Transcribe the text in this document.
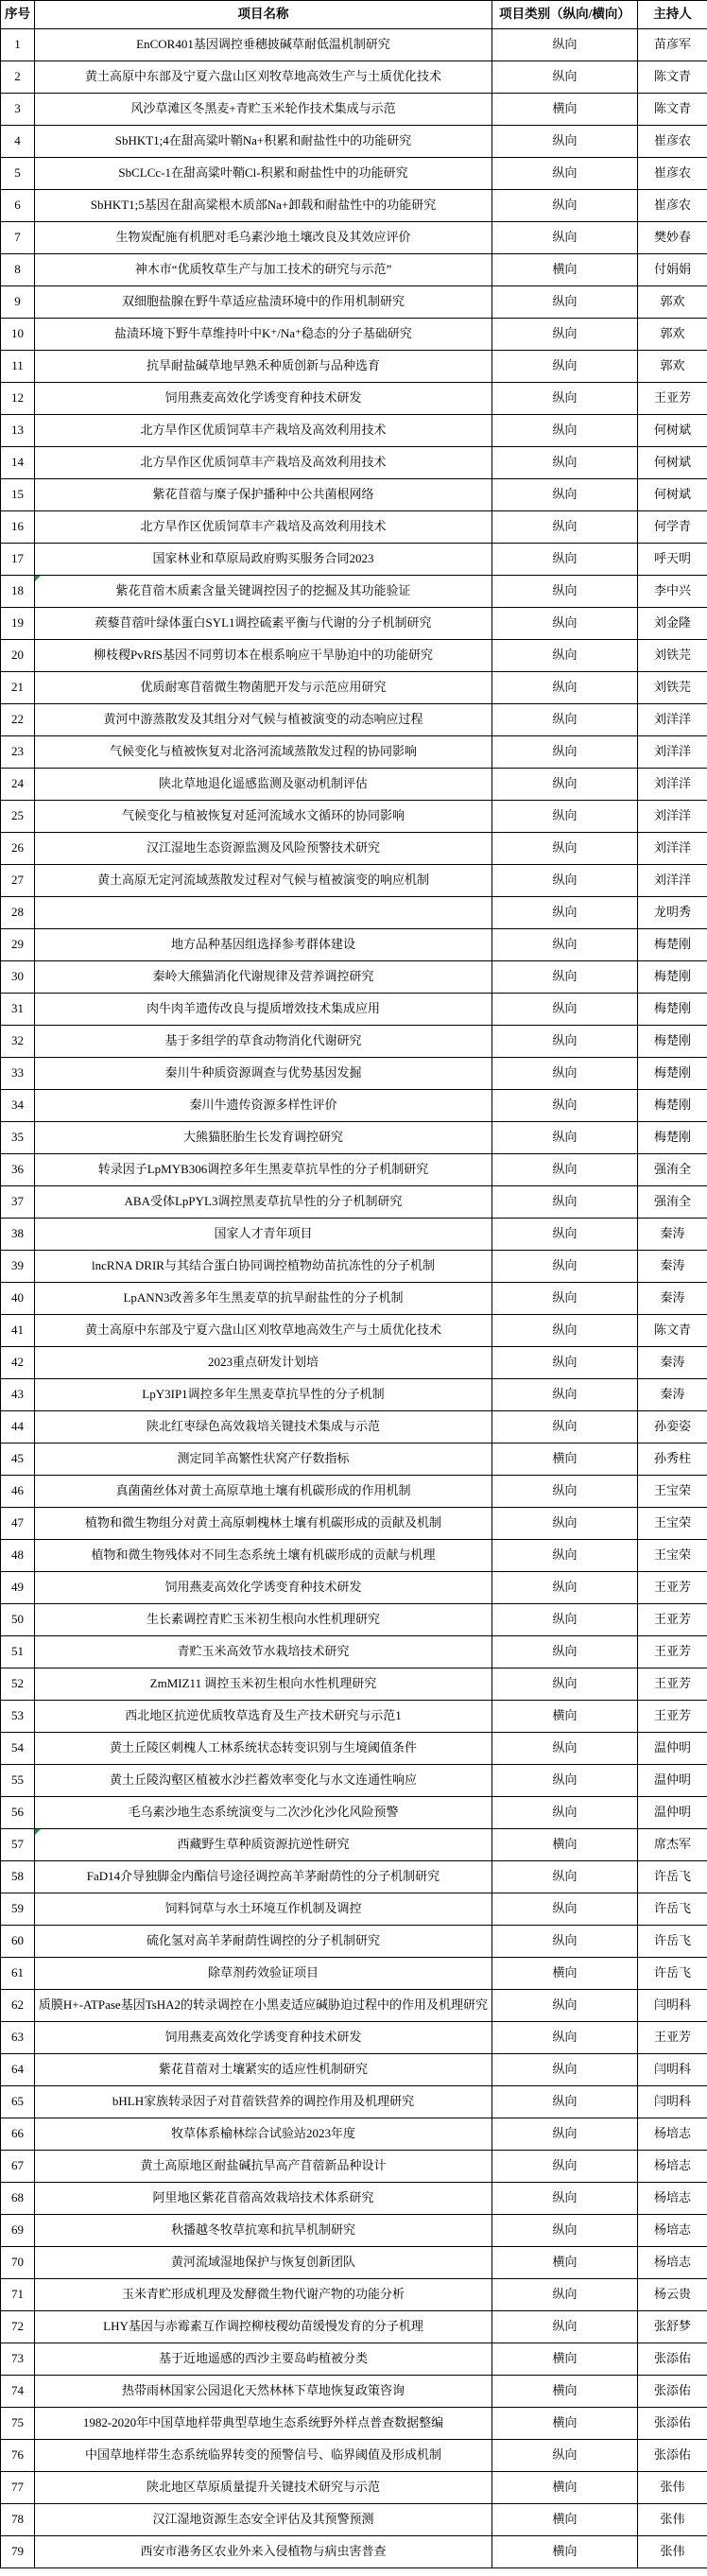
序号	项目名称	项目类别（纵向/横向）	主持人
1	EnCOR401基因调控垂穗披碱草耐低温机制研究	纵向	苗彦军
2	黄土高原中东部及宁夏六盘山区刈牧草地高效生产与土质优化技术	纵向	陈文青
3	风沙草滩区冬黑麦+青贮玉米轮作技术集成与示范	横向	陈文青
4	SbHKT1;4在甜高粱叶鞘Na+积累和耐盐性中的功能研究	纵向	崔彦农
5	SbCLCc-1在甜高粱叶鞘Cl-积累和耐盐性中的功能研究	纵向	崔彦农
6	SbHKT1;5基因在甜高粱根木质部Na+卸载和耐盐性中的功能研究	纵向	崔彦农
7	生物炭配施有机肥对毛乌素沙地土壤改良及其效应评价	纵向	樊妙春
8	神木市“优质牧草生产与加工技术的研究与示范”	横向	付娟娟
9	双细胞盐腺在野牛草适应盐渍环境中的作用机制研究	纵向	郭欢
10	盐渍环境下野牛草维持叶中K⁺/Na⁺稳态的分子基础研究	纵向	郭欢
11	抗旱耐盐碱草地早熟禾种质创新与品种选育	纵向	郭欢
12	饲用燕麦高效化学诱变育种技术研发	纵向	王亚芳
13	北方旱作区优质饲草丰产栽培及高效利用技术	纵向	何树斌
14	北方旱作区优质饲草丰产栽培及高效利用技术	纵向	何树斌
15	紫花苜蓿与糜子保护播种中公共菌根网络	纵向	何树斌
16	北方旱作区优质饲草丰产栽培及高效利用技术	纵向	何学青
17	国家林业和草原局政府购买服务合同2023	纵向	呼天明
18	紫花苜蓿木质素含量关键调控因子的挖掘及其功能验证	纵向	李中兴
19	蒺藜苜蓿叶绿体蛋白SYL1调控硫素平衡与代谢的分子机制研究	纵向	刘金隆
20	柳枝稷PvRfS基因不同剪切本在根系响应干旱胁迫中的功能研究	纵向	刘铁芫
21	优质耐寒苜蓿微生物菌肥开发与示范应用研究	纵向	刘铁芫
22	黄河中游蒸散发及其组分对气候与植被演变的动态响应过程	纵向	刘洋洋
23	气候变化与植被恢复对北洛河流域蒸散发过程的协同影响	纵向	刘洋洋
24	陕北草地退化遥感监测及驱动机制评估	纵向	刘洋洋
25	气候变化与植被恢复对延河流域水文循环的协同影响	纵向	刘洋洋
26	汉江湿地生态资源监测及风险预警技术研究	纵向	刘洋洋
27	黄土高原无定河流域蒸散发过程对气候与植被演变的响应机制	纵向	刘洋洋
28		纵向	龙明秀
29	地方品种基因组选择参考群体建设	纵向	梅楚刚
30	秦岭大熊猫消化代谢规律及营养调控研究	纵向	梅楚刚
31	肉牛肉羊遗传改良与提质增效技术集成应用	纵向	梅楚刚
32	基于多组学的草食动物消化代谢研究	纵向	梅楚刚
33	秦川牛种质资源调查与优势基因发掘	纵向	梅楚刚
34	秦川牛遗传资源多样性评价	纵向	梅楚刚
35	大熊猫胚胎生长发育调控研究	纵向	梅楚刚
36	转录因子LpMYB306调控多年生黑麦草抗旱性的分子机制研究	纵向	强洧全
37	ABA受体LpPYL3调控黑麦草抗旱性的分子机制研究	纵向	强洧全
38	国家人才青年项目	纵向	秦涛
39	lncRNA DRIR与其结合蛋白协同调控植物幼苗抗冻性的分子机制	纵向	秦涛
40	LpANN3改善多年生黑麦草的抗旱耐盐性的分子机制	纵向	秦涛
41	黄土高原中东部及宁夏六盘山区刈牧草地高效生产与土质优化技术	纵向	陈文青
42	2023重点研发计划培	纵向	秦涛
43	LpY3IP1调控多年生黑麦草抗旱性的分子机制	纵向	秦涛
44	陕北红枣绿色高效栽培关键技术集成与示范	纵向	孙娈姿
45	测定同羊高繁性状窝产仔数指标	横向	孙秀柱
46	真菌菌丝体对黄土高原草地土壤有机碳形成的作用机制	纵向	王宝荣
47	植物和微生物组分对黄土高原刺槐林土壤有机碳形成的贡献及机制	纵向	王宝荣
48	植物和微生物残体对不同生态系统土壤有机碳形成的贡献与机理	纵向	王宝荣
49	饲用燕麦高效化学诱变育种技术研发	纵向	王亚芳
50	生长素调控青贮玉米初生根向水性机理研究	纵向	王亚芳
51	青贮玉米高效节水栽培技术研究	纵向	王亚芳
52	ZmMIZ11 调控玉米初生根向水性机理研究	纵向	王亚芳
53	西北地区抗逆优质牧草选育及生产技术研究与示范1	横向	王亚芳
54	黄土丘陵区刺槐人工林系统状态转变识别与生境阈值条件	纵向	温仲明
55	黄土丘陵沟壑区植被水沙拦蓄效率变化与水文连通性响应	纵向	温仲明
56	毛乌素沙地生态系统演变与二次沙化沙化风险预警	纵向	温仲明
57	西藏野生草种质资源抗逆性研究	横向	席杰军
58	FaD14介导独脚金内酯信号途径调控高羊茅耐荫性的分子机制研究	纵向	许岳飞
59	饲料饲草与水土环境互作机制及调控	纵向	许岳飞
60	硫化氢对高羊茅耐荫性调控的分子机制研究	纵向	许岳飞
61	除草剂药效验证项目	横向	许岳飞
62	质膜H+-ATPase基因TsHA2的转录调控在小黑麦适应碱胁迫过程中的作用及机理研究	纵向	闫明科
63	饲用燕麦高效化学诱变育种技术研发	纵向	王亚芳
64	紫花苜蓿对土壤紧实的适应性机制研究	纵向	闫明科
65	bHLH家族转录因子对苜蓿铁营养的调控作用及机理研究	纵向	闫明科
66	牧草体系榆林综合试验站2023年度	纵向	杨培志
67	黄土高原地区耐盐碱抗旱高产苜蓿新品种设计	纵向	杨培志
68	阿里地区紫花苜蓿高效栽培技术体系研究	纵向	杨培志
69	秋播越冬牧草抗寒和抗旱机制研究	纵向	杨培志
70	黄河流域湿地保护与恢复创新团队	横向	杨培志
71	玉米青贮形成机理及发酵微生物代谢产物的功能分析	纵向	杨云贵
72	LHY基因与赤霉素互作调控柳枝稷幼苗缓慢发育的分子机理	纵向	张舒梦
73	基于近地遥感的西沙主要岛屿植被分类	横向	张添佑
74	热带雨林国家公园退化天然林林下草地恢复政策咨询	横向	张添佑
75	1982-2020年中国草地样带典型草地生态系统野外样点普查数据整编	横向	张添佑
76	中国草地样带生态系统临界转变的预警信号、临界阈值及形成机制	纵向	张添佑
77	陕北地区草原质量提升关键技术研究与示范	横向	张伟
78	汉江湿地资源生态安全评估及其预警预测	横向	张伟
79	西安市港务区农业外来入侵植物与病虫害普查	横向	张伟
